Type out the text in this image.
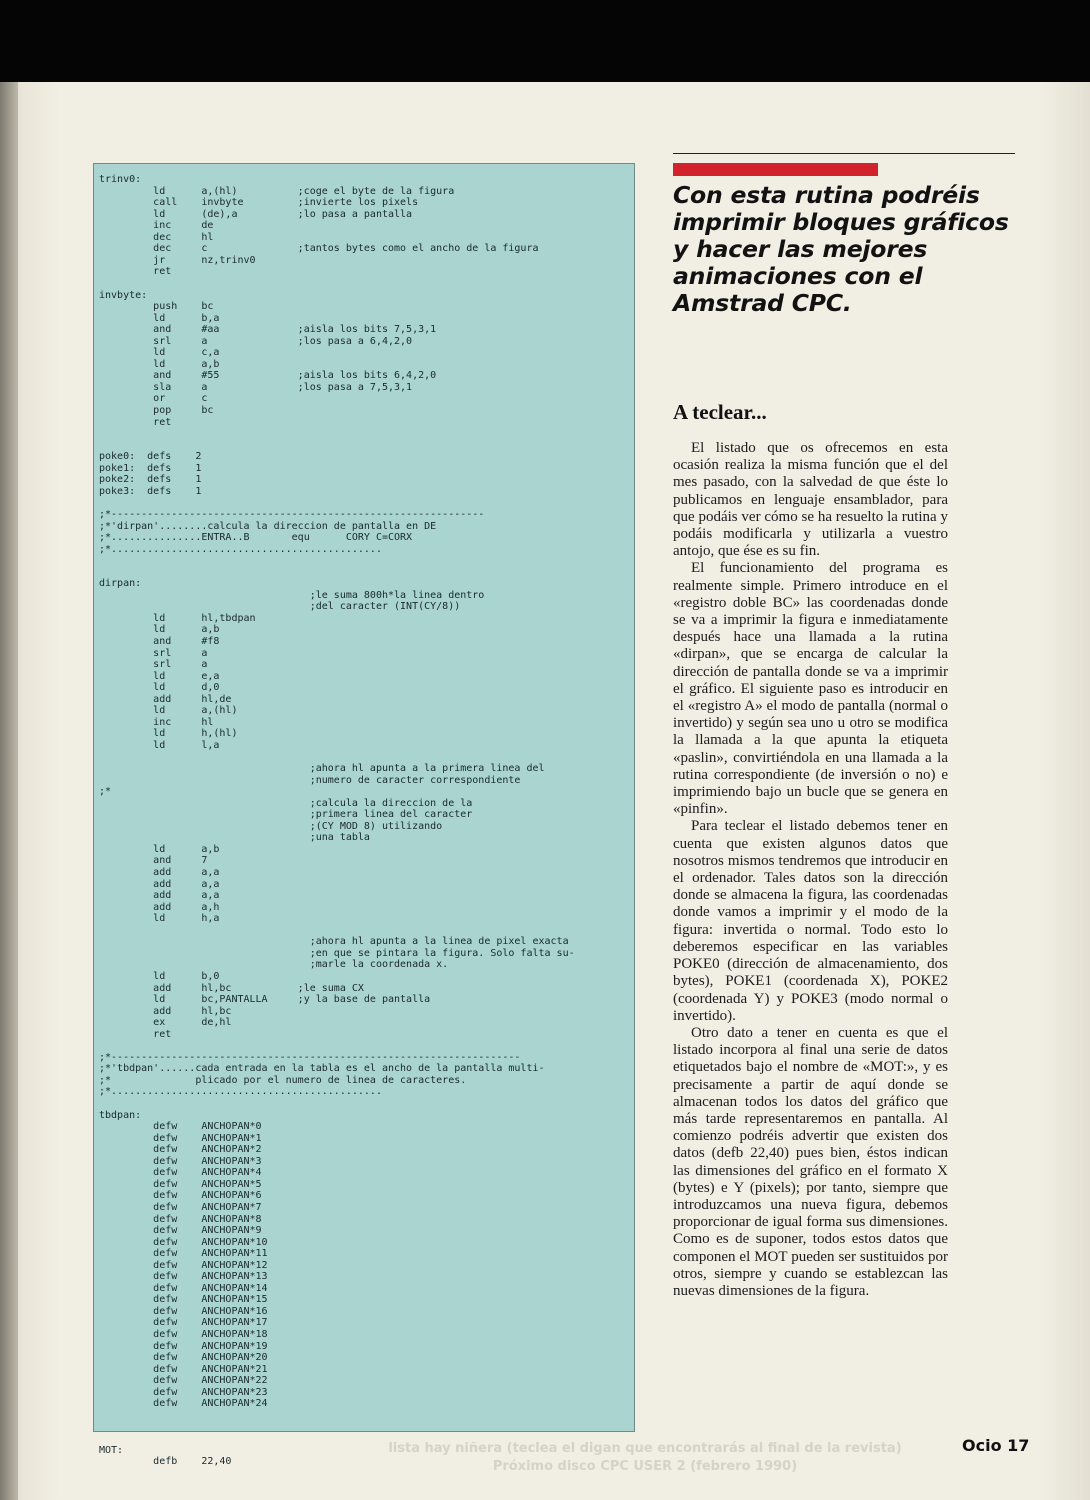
trinv0:
ld      a,(hl)          ;coge el byte de la figura
call    invbyte         ;invierte los pixels
ld      (de),a          ;lo pasa a pantalla
inc     de
dec     hl
dec     c               ;tantos bytes como el ancho de la figura
jr      nz,trinv0
ret
invbyte:
push    bc
ld      b,a
and     #aa             ;aisla los bits 7,5,3,1
srl     a               ;los pasa a 6,4,2,0
ld      c,a
ld      a,b
and     #55             ;aisla los bits 6,4,2,0
sla     a               ;los pasa a 7,5,3,1
or      c
pop     bc
ret
poke0:  defs    2
poke1:  defs    1
poke2:  defs    1
poke3:  defs    1
;*--------------------------------------------------------------
;*'dirpan'........calcula la direccion de pantalla en DE
;*...............ENTRA..B       equ      CORY C=CORX
;*.............................................
dirpan:
;le suma 800h*la linea dentro
;del caracter (INT(CY/8))
ld      hl,tbdpan
ld      a,b
and     #f8
srl     a
srl     a
ld      e,a
ld      d,0
add     hl,de
ld      a,(hl)
inc     hl
ld      h,(hl)
ld      l,a
;ahora hl apunta a la primera linea del
;numero de caracter correspondiente
;*
;calcula la direccion de la
;primera linea del caracter
;(CY MOD 8) utilizando
;una tabla
ld      a,b
and     7
add     a,a
add     a,a
add     a,a
add     a,h
ld      h,a
;ahora hl apunta a la linea de pixel exacta
;en que se pintara la figura. Solo falta su-
;marle la coordenada x.
ld      b,0
add     hl,bc           ;le suma CX
ld      bc,PANTALLA     ;y la base de pantalla
add     hl,bc
ex      de,hl
ret
;*--------------------------------------------------------------------
;*'tbdpan'......cada entrada en la tabla es el ancho de la pantalla multi-
;*              plicado por el numero de linea de caracteres.
;*.............................................
tbdpan:
defw    ANCHOPAN*0
defw    ANCHOPAN*1
defw    ANCHOPAN*2
defw    ANCHOPAN*3
defw    ANCHOPAN*4
defw    ANCHOPAN*5
defw    ANCHOPAN*6
defw    ANCHOPAN*7
defw    ANCHOPAN*8
defw    ANCHOPAN*9
defw    ANCHOPAN*10
defw    ANCHOPAN*11
defw    ANCHOPAN*12
defw    ANCHOPAN*13
defw    ANCHOPAN*14
defw    ANCHOPAN*15
defw    ANCHOPAN*16
defw    ANCHOPAN*17
defw    ANCHOPAN*18
defw    ANCHOPAN*19
defw    ANCHOPAN*20
defw    ANCHOPAN*21
defw    ANCHOPAN*22
defw    ANCHOPAN*23
defw    ANCHOPAN*24
MOT:
defb    22,40
Con esta rutina podréis imprimir bloques gráficos y hacer las mejores animaciones con el Amstrad CPC.
A teclear...

El listado que os ofrecemos en esta ocasión realiza la misma función que el del mes pasado, con la salvedad de que éste lo publicamos en lenguaje ensamblador, para que podáis ver cómo se ha resuelto la rutina y podáis modificarla y utilizarla a vuestro antojo, que ése es su fin.

El funcionamiento del programa es realmente simple. Primero introduce en el «registro doble BC» las coordenadas donde se va a imprimir la figura e inmediatamente después hace una llamada a la rutina «dirpan», que se encarga de calcular la dirección de pantalla donde se va a imprimir el gráfico. El siguiente paso es introducir en el «registro A» el modo de pantalla (normal o invertido) y según sea uno u otro se modifica la llamada a la que apunta la etiqueta «paslin», convirtiéndola en una llamada a la rutina correspondiente (de inversión o no) e imprimiendo bajo un bucle que se genera en «pinfin».

Para teclear el listado debemos tener en cuenta que existen algunos datos que nosotros mismos tendremos que introducir en el ordenador. Tales datos son la dirección donde se almacena la figura, las coordenadas donde vamos a imprimir y el modo de la figura: invertida o normal. Todo esto lo deberemos especificar en las variables POKE0 (dirección de almacenamiento, dos bytes), POKE1 (coordenada X), POKE2 (coordenada Y) y POKE3 (modo normal o invertido).

Otro dato a tener en cuenta es que el listado incorpora al final una serie de datos etiquetados bajo el nombre de «MOT:», y es precisamente a partir de aquí donde se almacenan todos los datos del gráfico que más tarde representaremos en pantalla. Al comienzo podréis advertir que existen dos datos (defb 22,40) pues bien, éstos indican las dimensiones del gráfico en el formato X (bytes) e Y (pixels); por tanto, siempre que introduzcamos una nueva figura, debemos proporcionar de igual forma sus dimensiones. Como es de suponer, todos estos datos que componen el MOT pueden ser sustituidos por otros, siempre y cuando se establezcan las nuevas dimensiones de la figura.

lista hay niñera (teclea el digan que encontrarás al final de la revista)
Próximo disco CPC USER 2 (febrero 1990)
Ocio 17
